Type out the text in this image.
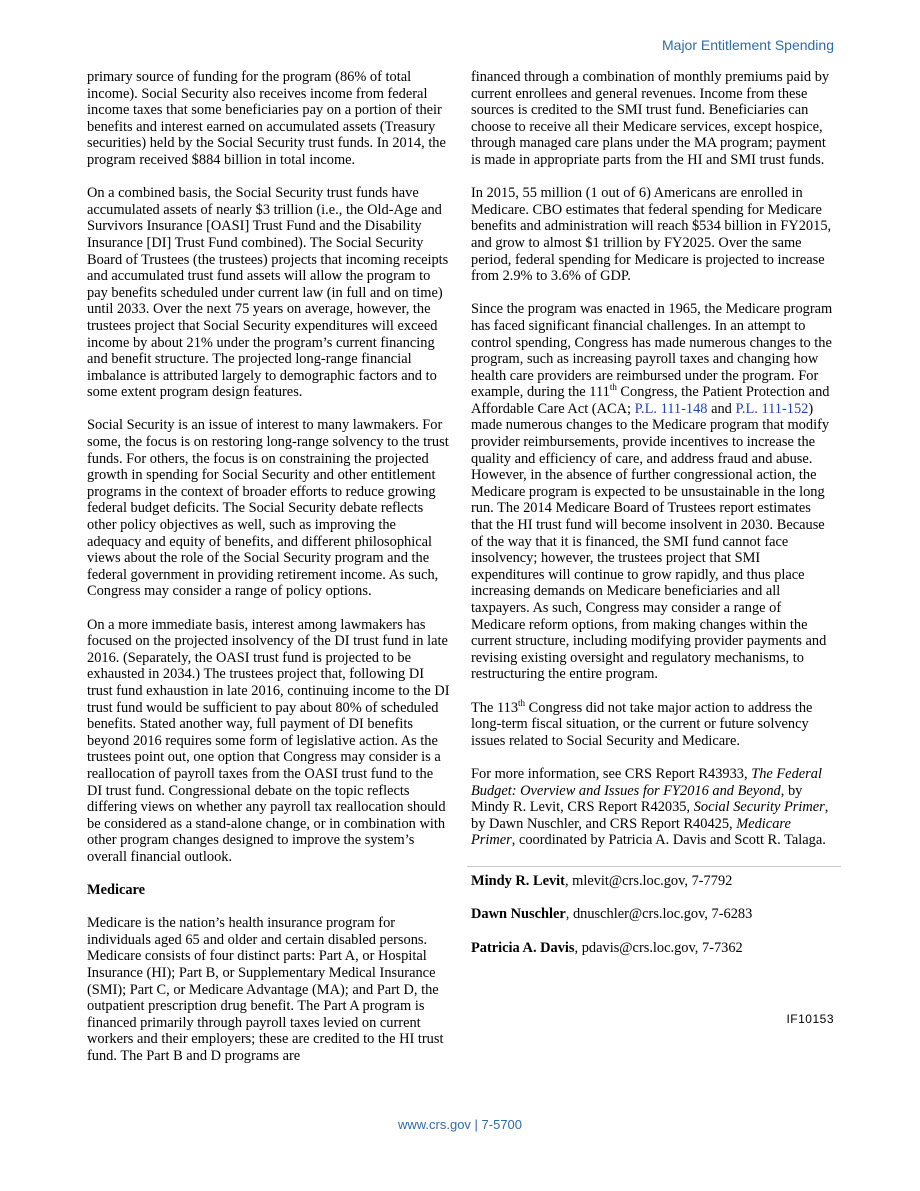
Major Entitlement Spending

primary source of funding for the program (86% of total income). Social Security also receives income from federal income taxes that some beneficiaries pay on a portion of their benefits and interest earned on accumulated assets (Treasury securities) held by the Social Security trust funds. In 2014, the program received $884 billion in total income.

On a combined basis, the Social Security trust funds have accumulated assets of nearly $3 trillion (i.e., the Old-Age and Survivors Insurance [OASI] Trust Fund and the Disability Insurance [DI] Trust Fund combined). The Social Security Board of Trustees (the trustees) projects that incoming receipts and accumulated trust fund assets will allow the program to pay benefits scheduled under current law (in full and on time) until 2033. Over the next 75 years on average, however, the trustees project that Social Security expenditures will exceed income by about 21% under the program’s current financing and benefit structure. The projected long-range financial imbalance is attributed largely to demographic factors and to some extent program design features.

Social Security is an issue of interest to many lawmakers. For some, the focus is on restoring long-range solvency to the trust funds. For others, the focus is on constraining the projected growth in spending for Social Security and other entitlement programs in the context of broader efforts to reduce growing federal budget deficits. The Social Security debate reflects other policy objectives as well, such as improving the adequacy and equity of benefits, and different philosophical views about the role of the Social Security program and the federal government in providing retirement income. As such, Congress may consider a range of policy options.

On a more immediate basis, interest among lawmakers has focused on the projected insolvency of the DI trust fund in late 2016. (Separately, the OASI trust fund is projected to be exhausted in 2034.) The trustees project that, following DI trust fund exhaustion in late 2016, continuing income to the DI trust fund would be sufficient to pay about 80% of scheduled benefits. Stated another way, full payment of DI benefits beyond 2016 requires some form of legislative action. As the trustees point out, one option that Congress may consider is a reallocation of payroll taxes from the OASI trust fund to the DI trust fund. Congressional debate on the topic reflects differing views on whether any payroll tax reallocation should be considered as a stand-alone change, or in combination with other program changes designed to improve the system’s overall financial outlook.

Medicare

Medicare is the nation’s health insurance program for individuals aged 65 and older and certain disabled persons. Medicare consists of four distinct parts: Part A, or Hospital Insurance (HI); Part B, or Supplementary Medical Insurance (SMI); Part C, or Medicare Advantage (MA); and Part D, the outpatient prescription drug benefit. The Part A program is financed primarily through payroll taxes levied on current workers and their employers; these are credited to the HI trust fund. The Part B and D programs are

financed through a combination of monthly premiums paid by current enrollees and general revenues. Income from these sources is credited to the SMI trust fund. Beneficiaries can choose to receive all their Medicare services, except hospice, through managed care plans under the MA program; payment is made in appropriate parts from the HI and SMI trust funds.

In 2015, 55 million (1 out of 6) Americans are enrolled in Medicare. CBO estimates that federal spending for Medicare benefits and administration will reach $534 billion in FY2015, and grow to almost $1 trillion by FY2025. Over the same period, federal spending for Medicare is projected to increase from 2.9% to 3.6% of GDP.

Since the program was enacted in 1965, the Medicare program has faced significant financial challenges. In an attempt to control spending, Congress has made numerous changes to the program, such as increasing payroll taxes and changing how health care providers are reimbursed under the program. For example, during the 111th Congress, the Patient Protection and Affordable Care Act (ACA; P.L. 111-148 and P.L. 111-152) made numerous changes to the Medicare program that modify provider reimbursements, provide incentives to increase the quality and efficiency of care, and address fraud and abuse. However, in the absence of further congressional action, the Medicare program is expected to be unsustainable in the long run. The 2014 Medicare Board of Trustees report estimates that the HI trust fund will become insolvent in 2030. Because of the way that it is financed, the SMI fund cannot face insolvency; however, the trustees project that SMI expenditures will continue to grow rapidly, and thus place increasing demands on Medicare beneficiaries and all taxpayers. As such, Congress may consider a range of Medicare reform options, from making changes within the current structure, including modifying provider payments and revising existing oversight and regulatory mechanisms, to restructuring the entire program.

The 113th Congress did not take major action to address the long-term fiscal situation, or the current or future solvency issues related to Social Security and Medicare.

For more information, see CRS Report R43933, The Federal Budget: Overview and Issues for FY2016 and Beyond, by Mindy R. Levit, CRS Report R42035, Social Security Primer, by Dawn Nuschler, and CRS Report R40425, Medicare Primer, coordinated by Patricia A. Davis and Scott R. Talaga.

Mindy R. Levit, mlevit@crs.loc.gov, 7-7792

Dawn Nuschler, dnuschler@crs.loc.gov, 7-6283

Patricia A. Davis, pdavis@crs.loc.gov, 7-7362

IF10153
www.crs.gov | 7-5700
